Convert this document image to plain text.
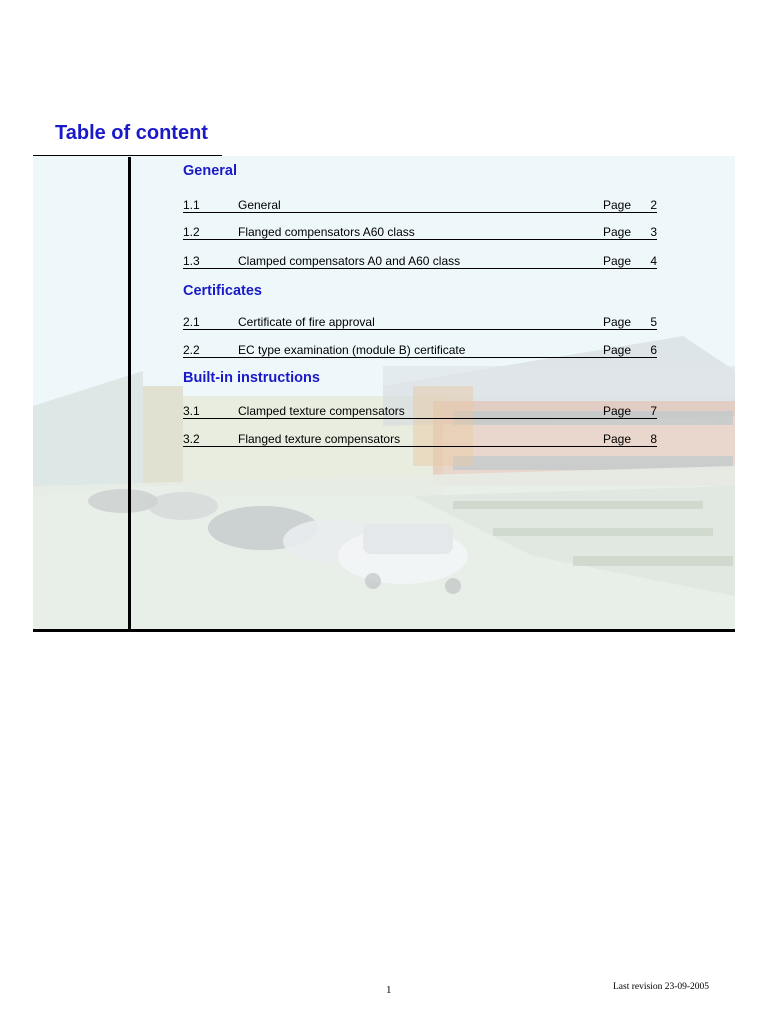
Table of content
General
1.1	General	Page 2
1.2	Flanged compensators A60 class	Page 3
1.3	Clamped compensators A0 and A60 class	Page 4
Certificates
2.1	Certificate of fire approval	Page 5
2.2	EC type examination (module B) certificate	Page 6
Built-in instructions
3.1	Clamped texture compensators	Page 7
3.2	Flanged texture compensators	Page 8
1	Last revision 23-09-2005
